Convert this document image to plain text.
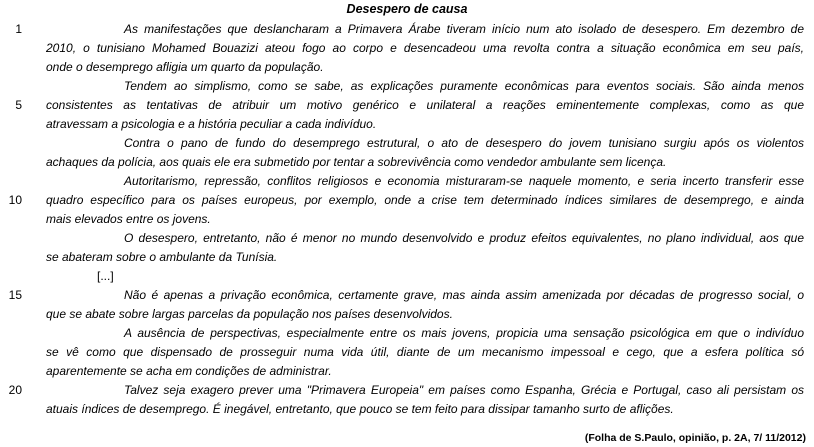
Desespero de causa
1	As manifestações que deslancharam a Primavera Árabe tiveram início num ato isolado de desespero. Em dezembro de
2010, o tunisiano Mohamed Bouazizi ateou fogo ao corpo e desencadeou uma revolta contra a situação econômica em seu país,
onde o desemprego afligia um quarto da população.
Tendem ao simplismo, como se sabe, as explicações puramente econômicas para eventos sociais. São ainda menos
5 consistentes as tentativas de atribuir um motivo genérico e unilateral a reações eminentemente complexas, como as que
atravessam a psicologia e a história peculiar a cada indivíduo.
Contra o pano de fundo do desemprego estrutural, o ato de desespero do jovem tunisiano surgiu após os violentos
achaques da polícia, aos quais ele era submetido por tentar a sobrevivência como vendedor ambulante sem licença.
Autoritarismo, repressão, conflitos religiosos e economia misturaram-se naquele momento, e seria incerto transferir esse
10 quadro específico para os países europeus, por exemplo, onde a crise tem determinado índices similares de desemprego, e ainda
mais elevados entre os jovens.
O desespero, entretanto, não é menor no mundo desenvolvido e produz efeitos equivalentes, no plano individual, aos que
se abateram sobre o ambulante da Tunísia.
[...]
15	Não é apenas a privação econômica, certamente grave, mas ainda assim amenizada por décadas de progresso social, o
que se abate sobre largas parcelas da população nos países desenvolvidos.
A ausência de perspectivas, especialmente entre os mais jovens, propicia uma sensação psicológica em que o indivíduo
se vê como que dispensado de prosseguir numa vida útil, diante de um mecanismo impessoal e cego, que a esfera política só
aparentemente se acha em condições de administrar.
20	Talvez seja exagero prever uma "Primavera Europeia" em países como Espanha, Grécia e Portugal, caso ali persistam os
atuais índices de desemprego. É inegável, entretanto, que pouco se tem feito para dissipar tamanho surto de aflições.
(Folha de S.Paulo, opinião, p. 2A, 7/ 11/2012)
